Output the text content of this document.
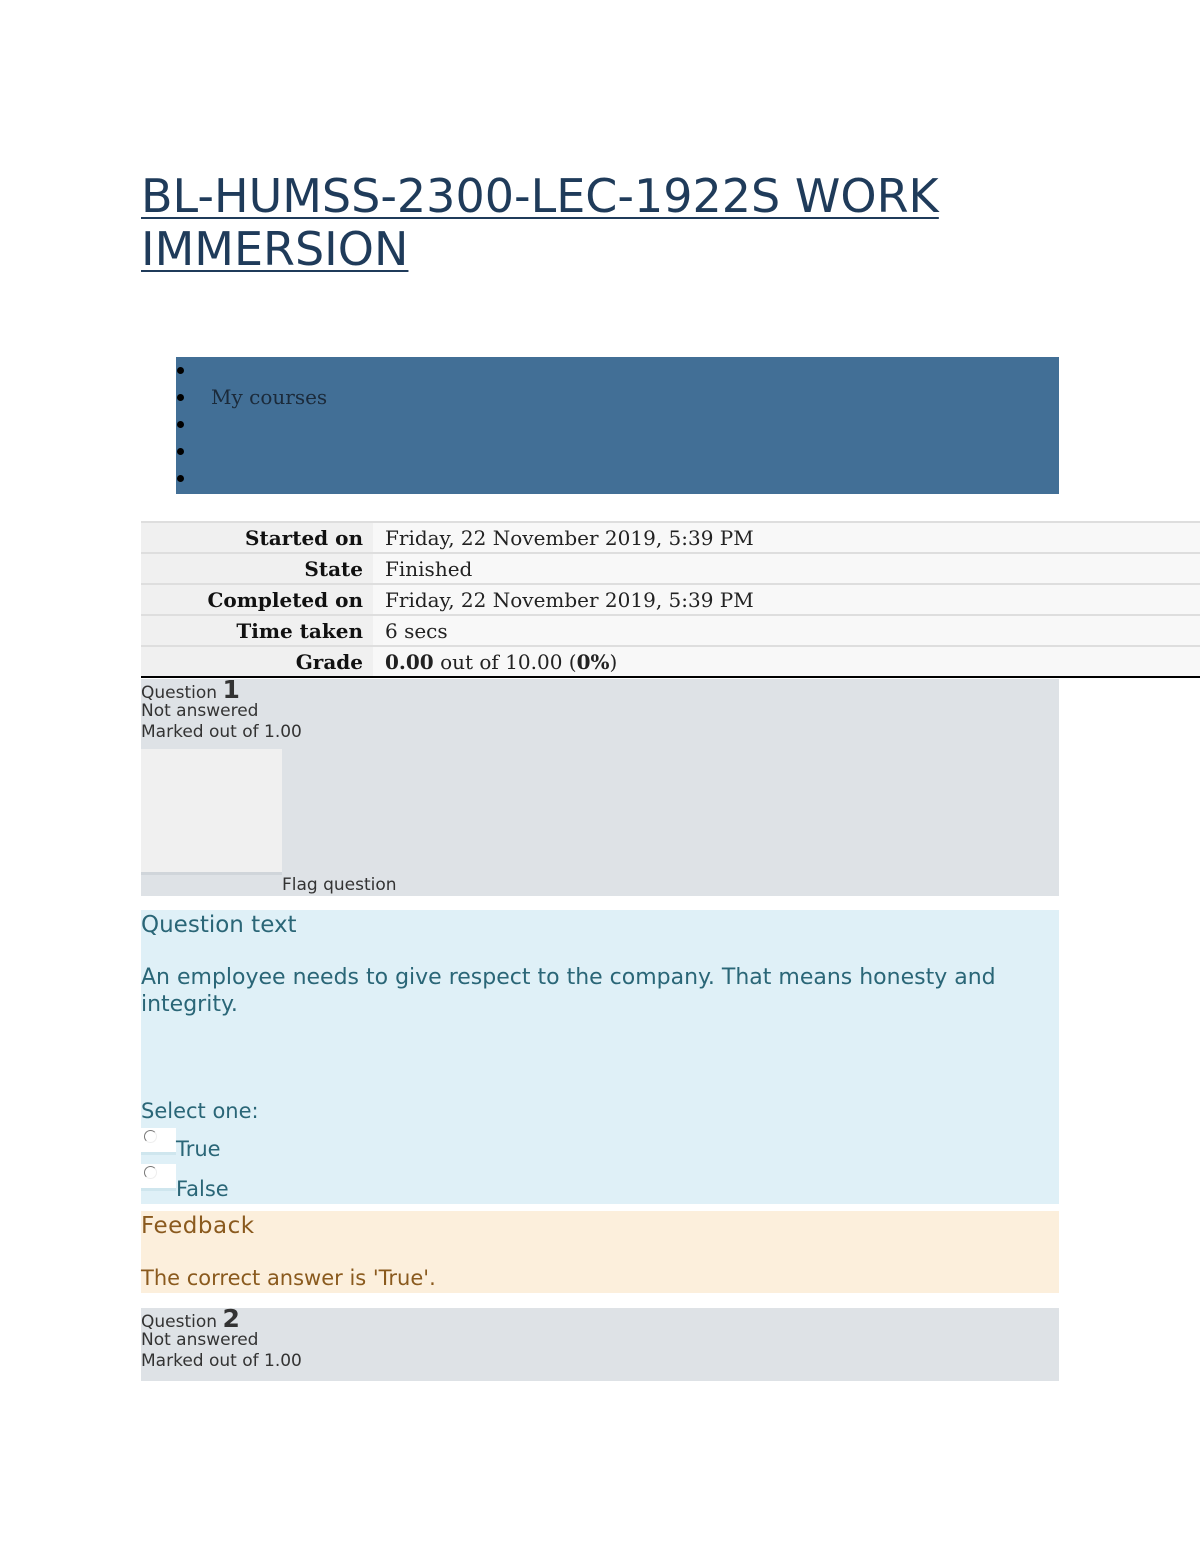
BL-HUMSS-2300-LEC-1922S WORK IMMERSION
My courses
Started on	Friday, 22 November 2019, 5:39 PM
State	Finished
Completed on	Friday, 22 November 2019, 5:39 PM
Time taken	6 secs
Grade	0.00 out of 10.00 (0%)
Question 1
Not answered
Marked out of 1.00
Flag question
Question text
An employee needs to give respect to the company. That means honesty and integrity.
Select one:
True
False
Feedback
The correct answer is 'True'.
Question 2
Not answered
Marked out of 1.00
